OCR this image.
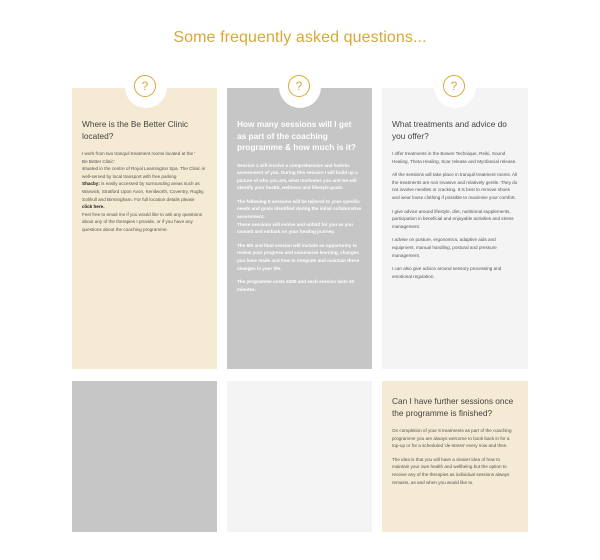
Some frequently asked questions...
Where is the Be Better Clinic located?

I work from two tranquil treatment rooms located at the '

Be Better Clinic'

situated in the centre of Royal Leamington Spa. The Clinic is well-served by local transport with free parking

Shacby: is easily accessed by surrounding areas such as Warwick, Stratford Upon Avon, Kenilworth, Coventry, Rugby, Solihull and Birmingham. For full location details please

click here.

Feel free to email me if you would like to ask any questions about any of the therapies I provide, or if you have any questions about the coaching programme.

How many sessions will I get as part of the coaching programme & how much is it?

Session 1 will involve a comprehensive and holistic assessment of you. During this session I will build up a picture of who you are, what motivates you and we will identify your health, wellness and lifestyle goals.

The following 5 sessions will be tailored to your specific needs and goals identified during the initial collaborative assessment.

These sessions will evolve and unfold for you as you commit and embark on your healing journey.

The 6th and final session will include an opportunity to review your progress and summarise learning, changes you have made and how to integrate and maintain these changes in your life.

The programme costs £500 and each session lasts 60 minutes.

What treatments and advice do you offer?

I offer treatments in the Bowen Technique, Reiki, Sound Healing, Theta Healing, Scar release and Myofascial release.

All the sessions will take place in tranquil treatment rooms. All the treatments are non invasive and relatively gentle. They do not involve needles or cracking. It is best to remove shoes and wear loose clothing if possible to maximise your comfort.

I give advice around lifestyle, diet, nutritional supplements, participation in beneficial and enjoyable activities and stress management.

I advise on posture, ergonomics, adaptive aids and equipment, manual handling, postural and pressure management.

I can also give advice around sensory processing and emotional regulation.

Can I have further sessions once the programme is finished?

On completion of your 6 treatments as part of the coaching programme you are always welcome to book back in for a top-up or for a scheduled 'de-stress' every now and then.

The idea is that you will have a clearer idea of how to maintain your own health and wellbeing but the option to receive any of the therapies as individual sessions always remains, as and when you would like to.

?	?	?
